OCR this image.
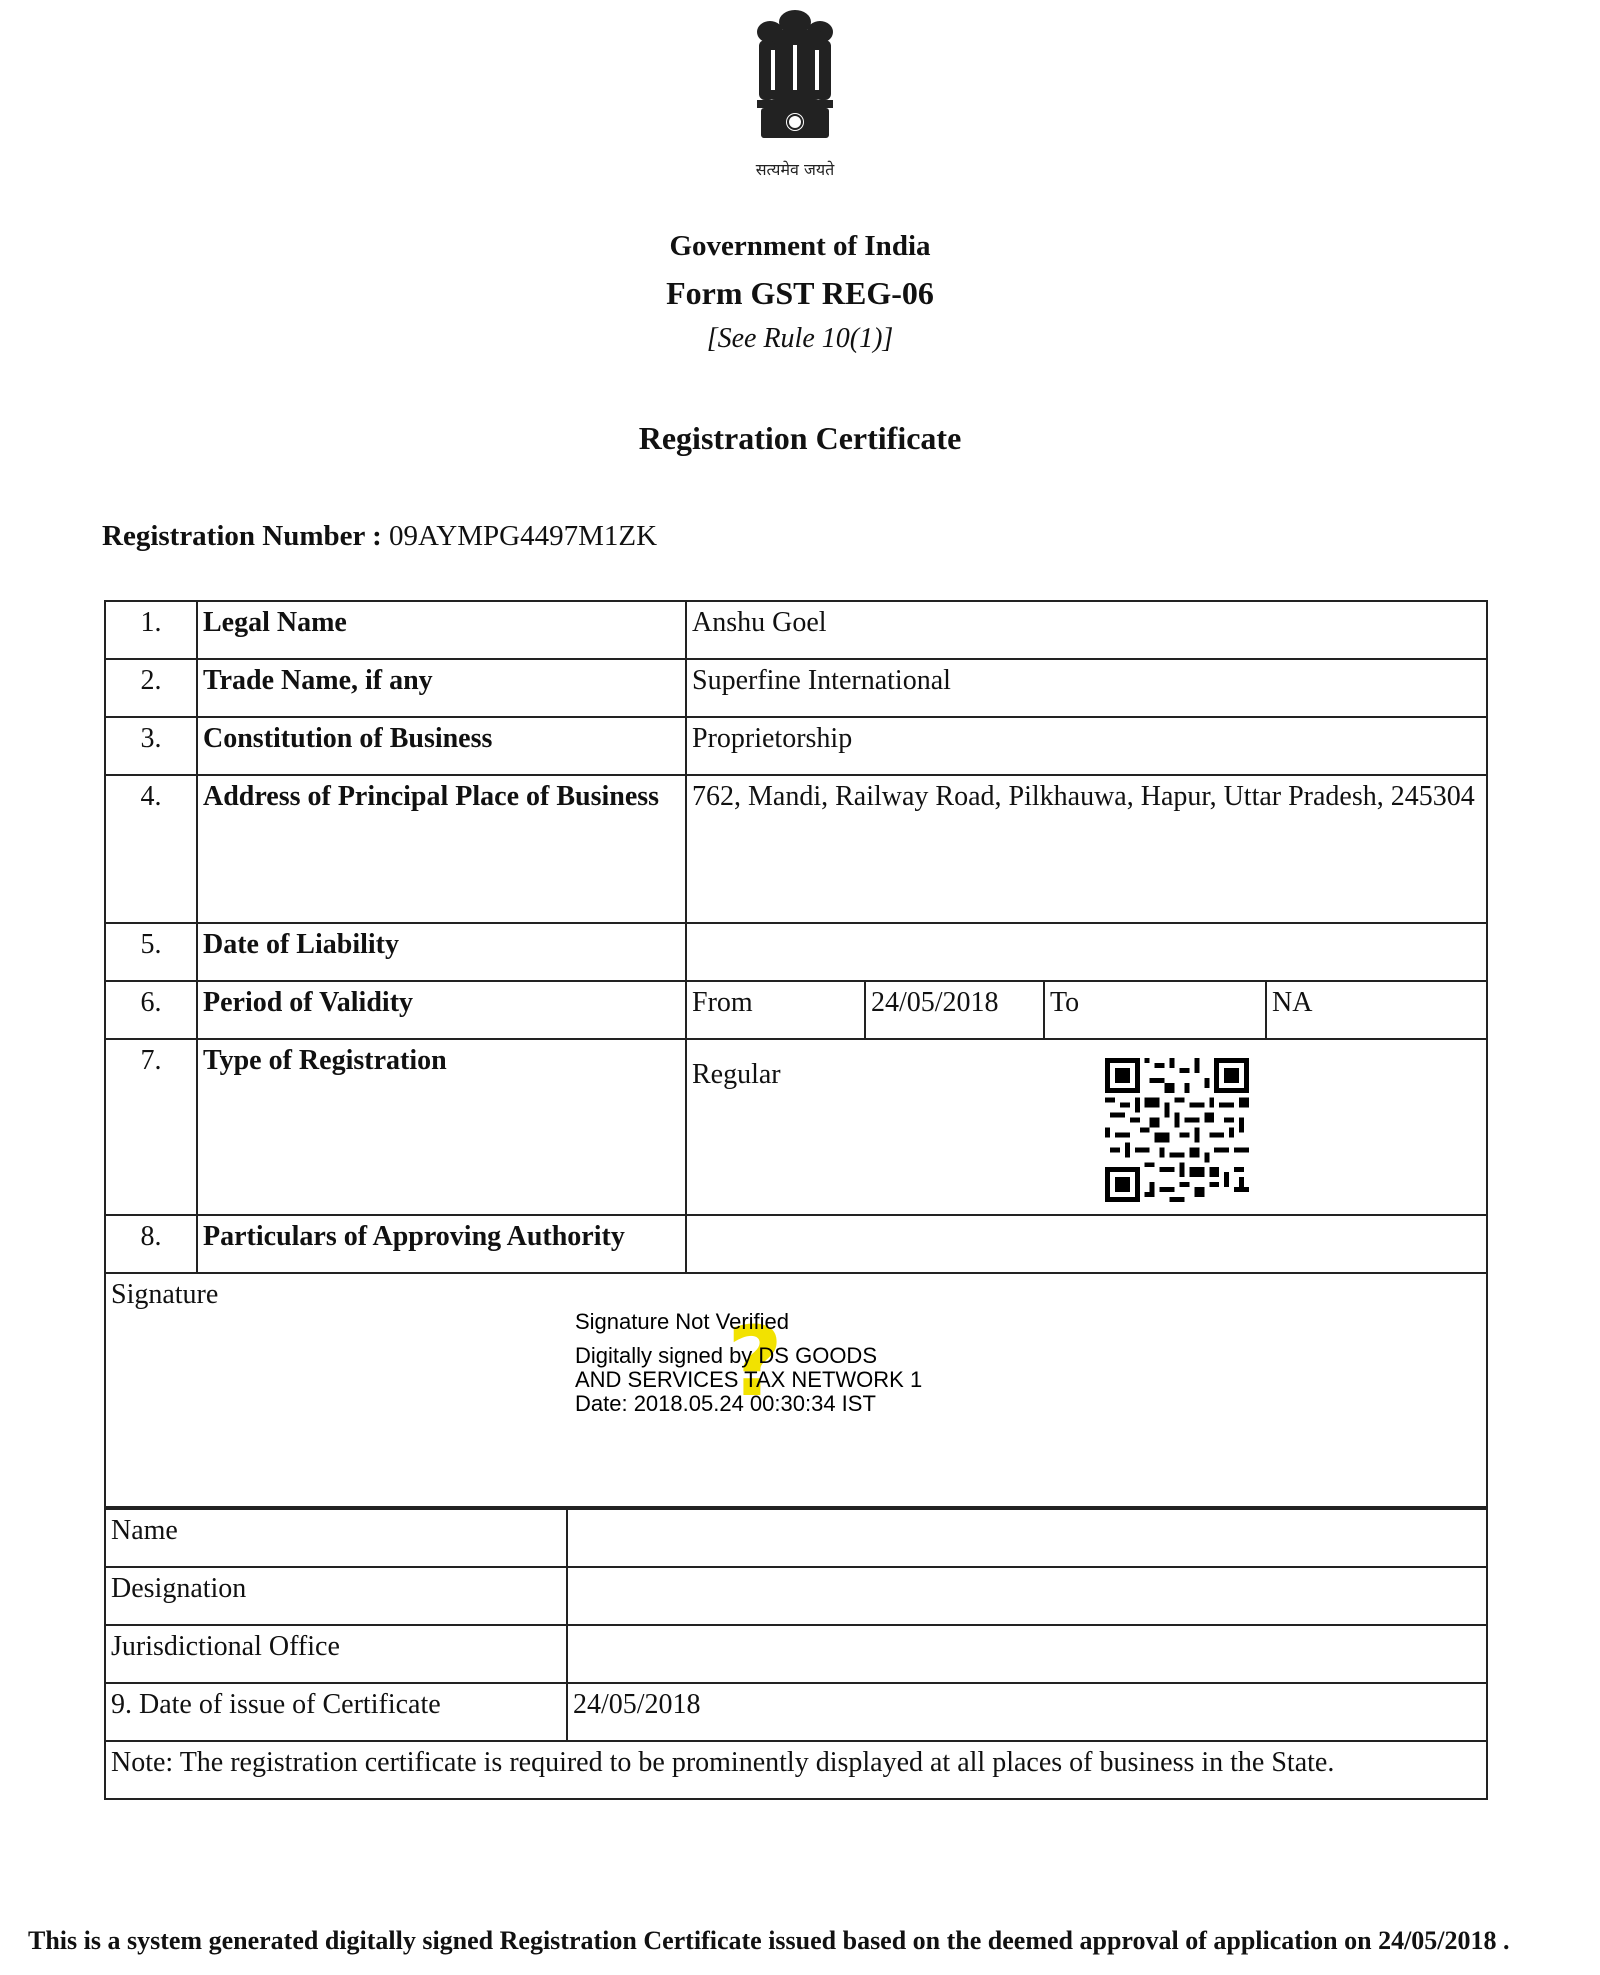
सत्यमेव जयते
Government of India
Form GST REG-06
[See Rule 10(1)]
Registration Certificate
Registration Number : 09AYMPG4497M1ZK
1.	Legal Name	Anshu Goel			
2.	Trade Name, if any	Superfine International			
3.	Constitution of Business	Proprietorship			
4.	Address of Principal Place of Business	762, Mandi, Railway Road, Pilkhauwa, Hapur, Uttar Pradesh, 245304			
5.	Date of Liability				
6.	Period of Validity	From	24/05/2018	To	NA
7.	Type of Registration	Regular			

8.	Particulars of Approving Authority				
Signature					
?
Signature Not Verified
Digitally signed by DS GOODS
AND SERVICES TAX NETWORK 1
Date: 2018.05.24 00:30:34 IST
Name	
Designation	
Jurisdictional Office	
9. Date of issue of Certificate	24/05/2018
Note: The registration certificate is required to be prominently displayed at all places of business in the State.	
This is a system generated digitally signed Registration Certificate issued based on the deemed approval of application on 24/05/2018 .
